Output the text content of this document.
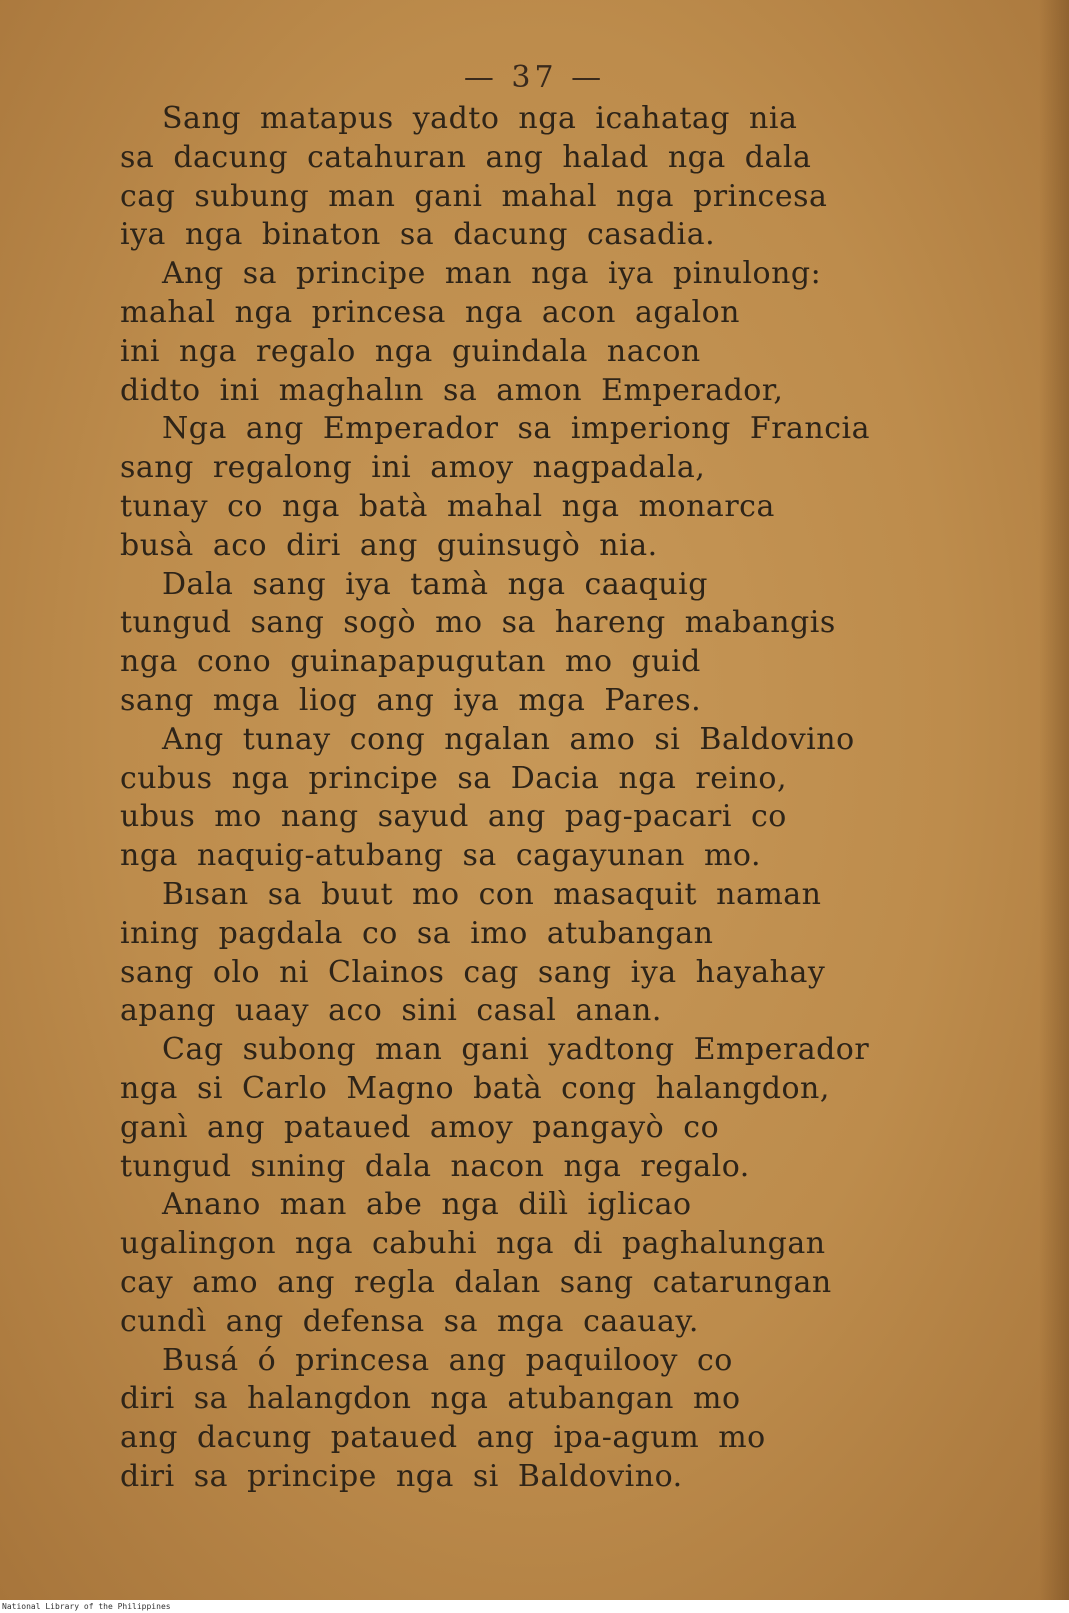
— 37 —
Sang matapus yadto nga icahatag nia
sa dacung catahuran ang halad nga dala
cag subung man gani mahal nga princesa
iya nga binaton sa dacung casadia.
Ang sa principe man nga iya pinulong:
mahal nga princesa nga acon agalon
ini nga regalo nga guindala nacon
didto ini maghalın sa amon Emperador,
Nga ang Emperador sa imperiong Francia
sang regalong ini amoy nagpadala,
tunay co nga batà mahal nga monarca
busà aco diri ang guinsugò nia.
Dala sang iya tamà nga caaquig
tungud sang sogò mo sa hareng mabangis
nga cono guinapapugutan mo guid
sang mga liog ang iya mga Pares.
Ang tunay cong ngalan amo si Baldovino
cubus nga principe sa Dacia nga reino,
ubus mo nang sayud ang pag-pacari co
nga naquig-atubang sa cagayunan mo.
Bısan sa buut mo con masaquit naman
ining pagdala co sa imo atubangan
sang olo ni Clainos cag sang iya hayahay
apang uaay aco sini casal anan.
Cag subong man gani yadtong Emperador
nga si Carlo Magno batà cong halangdon,
ganì ang pataued amoy pangayò co
tungud sıning dala nacon nga regalo.
Anano man abe nga dilì iglicao
ugalingon nga cabuhi nga di paghalungan
cay amo ang regla dalan sang catarungan
cundì ang defensa sa mga caauay.
Busá ó princesa ang paquilooy co
diri sa halangdon nga atubangan mo
ang dacung pataued ang ipa-agum mo
diri sa principe nga si Baldovino.
National Library of the Philippines
